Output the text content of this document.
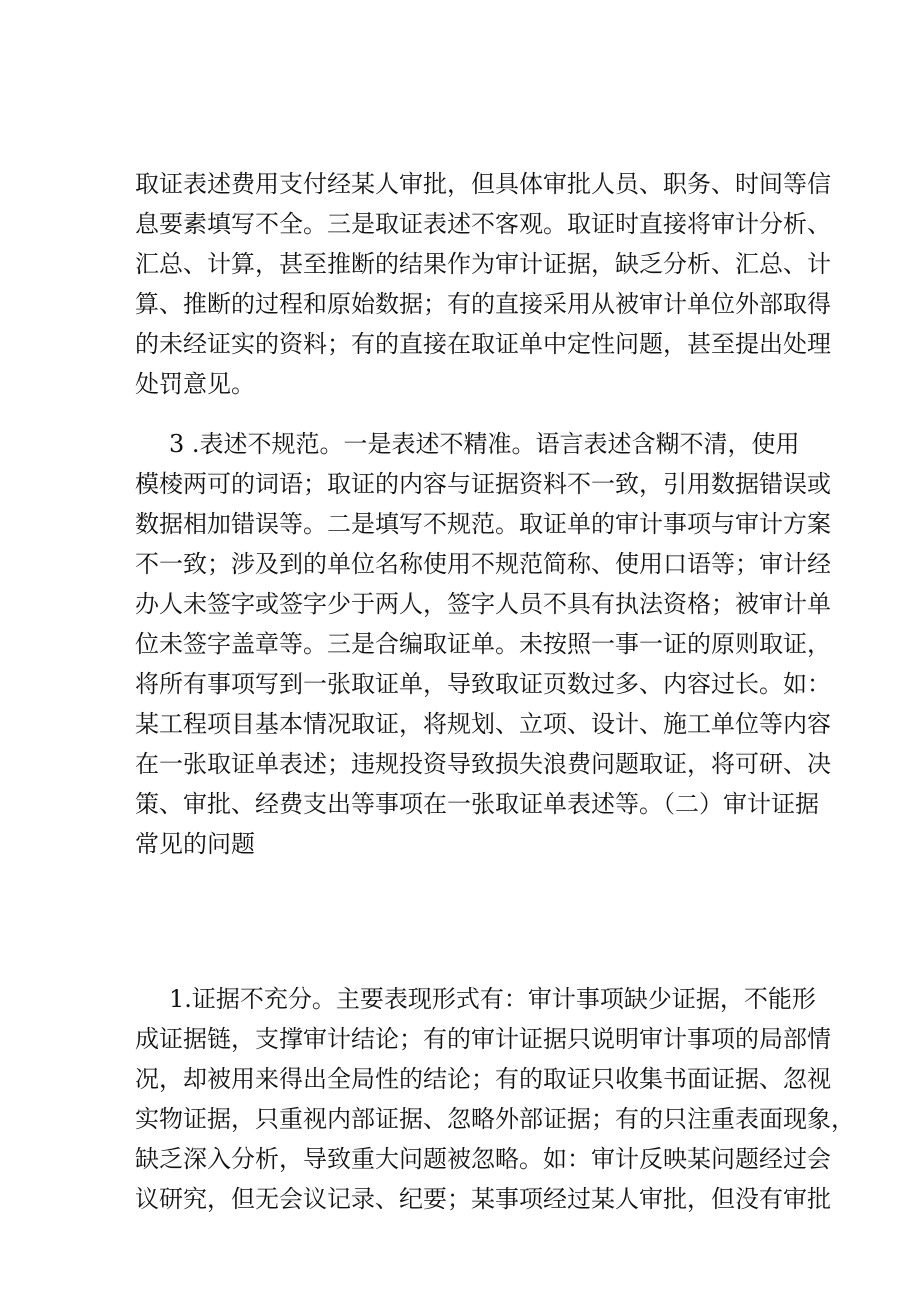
取证表述费用支付经某人审批，但具体审批人员、职务、时间等信
息要素填写不全。三是取证表述不客观。取证时直接将审计分析、
汇总、计算，甚至推断的结果作为审计证据，缺乏分析、汇总、计
算、推断的过程和原始数据；有的直接采用从被审计单位外部取得
的未经证实的资料；有的直接在取证单中定性问题，甚至提出处理
处罚意见。
3 .表述不规范。一是表述不精准。语言表述含糊不清，使用
模棱两可的词语；取证的内容与证据资料不一致，引用数据错误或
数据相加错误等。二是填写不规范。取证单的审计事项与审计方案
不一致；涉及到的单位名称使用不规范简称、使用口语等；审计经
办人未签字或签字少于两人，签字人员不具有执法资格；被审计单
位未签字盖章等。三是合编取证单。未按照一事一证的原则取证，
将所有事项写到一张取证单，导致取证页数过多、内容过长。如：
某工程项目基本情况取证，将规划、立项、设计、施工单位等内容
在一张取证单表述；违规投资导致损失浪费问题取证，将可研、决
策、审批、经费支出等事项在一张取证单表述等。（二）审计证据
常见的问题
1.证据不充分。主要表现形式有：审计事项缺少证据，不能形
成证据链，支撑审计结论；有的审计证据只说明审计事项的局部情
况，却被用来得出全局性的结论；有的取证只收集书面证据、忽视
实物证据，只重视内部证据、忽略外部证据；有的只注重表面现象，
缺乏深入分析，导致重大问题被忽略。如：审计反映某问题经过会
议研究，但无会议记录、纪要；某事项经过某人审批，但没有审批
